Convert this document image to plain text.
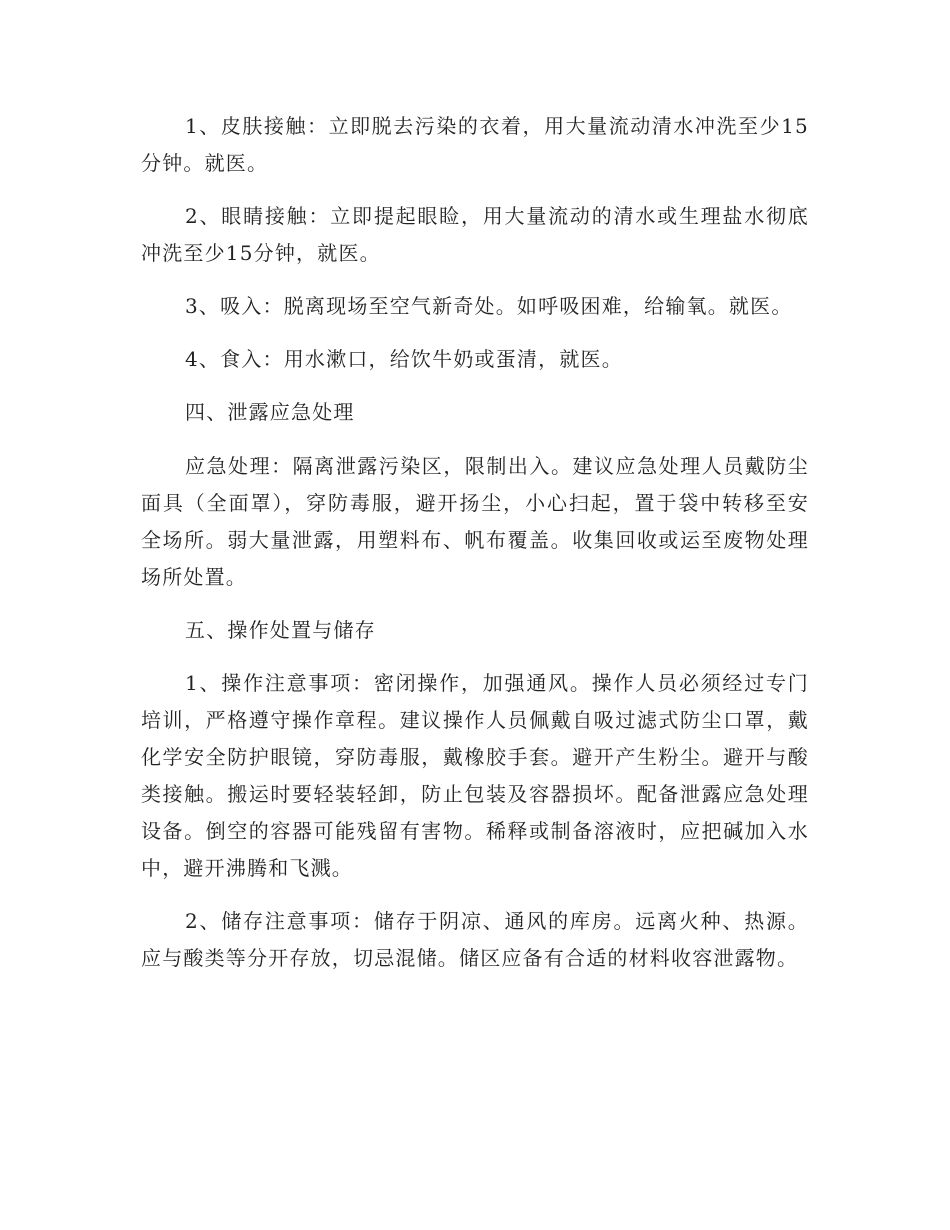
1、皮肤接触：立即脱去污染的衣着，用大量流动清水冲洗至少15分钟。就医。

2、眼睛接触：立即提起眼睑，用大量流动的清水或生理盐水彻底冲洗至少15分钟，就医。

3、吸入：脱离现场至空气新奇处。如呼吸困难，给输氧。就医。

4、食入：用水漱口，给饮牛奶或蛋清，就医。

四、泄露应急处理

应急处理：隔离泄露污染区，限制出入。建议应急处理人员戴防尘面具（全面罩），穿防毒服，避开扬尘，小心扫起，置于袋中转移至安全场所。弱大量泄露，用塑料布、帆布覆盖。收集回收或运至废物处理场所处置。

五、操作处置与储存

1、操作注意事项：密闭操作，加强通风。操作人员必须经过专门培训，严格遵守操作章程。建议操作人员佩戴自吸过滤式防尘口罩，戴化学安全防护眼镜，穿防毒服，戴橡胶手套。避开产生粉尘。避开与酸类接触。搬运时要轻装轻卸，防止包装及容器损坏。配备泄露应急处理设备。倒空的容器可能残留有害物。稀释或制备溶液时，应把碱加入水中，避开沸腾和飞溅。

2、储存注意事项：储存于阴凉、通风的库房。远离火种、热源。应与酸类等分开存放，切忌混储。储区应备有合适的材料收容泄露物。
